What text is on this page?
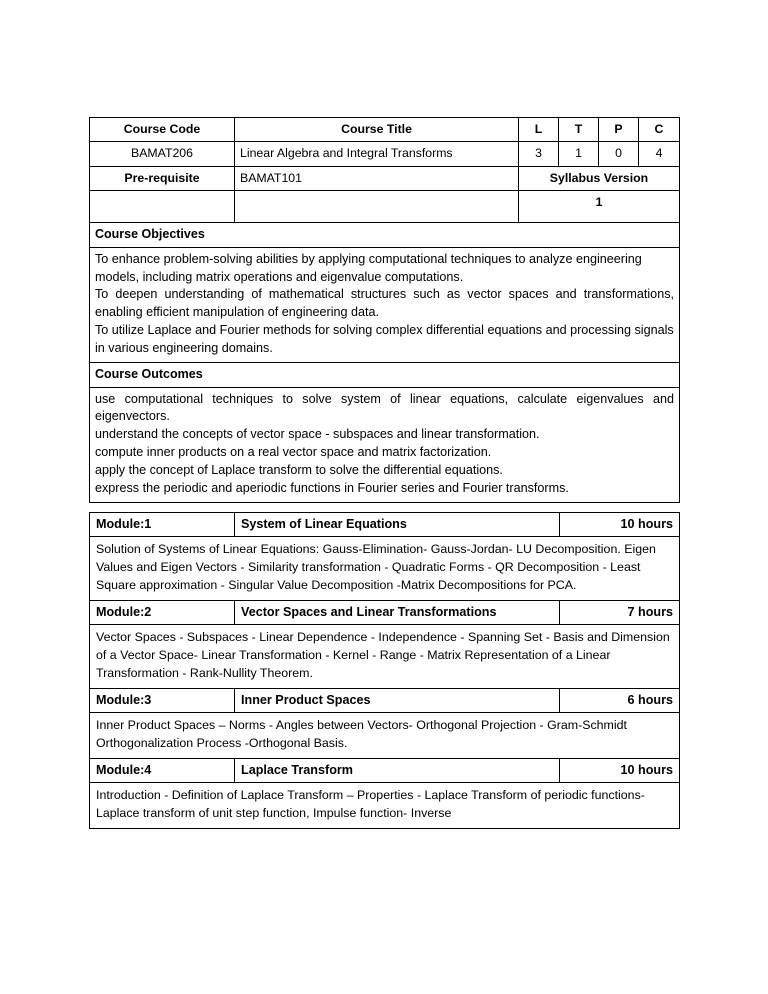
Course Code	Course Title	L	T	P	C
BAMAT206	Linear Algebra and Integral Transforms	3	1	0	4
Pre-requisite	BAMAT101	Syllabus Version			
		1			
Course Objectives					

To enhance problem-solving abilities by applying computational techniques to analyze engineering models, including matrix operations and eigenvalue computations.

To deepen understanding of mathematical structures such as vector spaces and transformations, enabling efficient manipulation of engineering data.

To utilize Laplace and Fourier methods for solving complex differential equations and processing signals in various engineering domains.					

Course Outcomes					

use computational techniques to solve system of linear equations, calculate eigenvalues and eigenvectors.

understand the concepts of vector space - subspaces and linear transformation.

compute inner products on a real vector space and matrix factorization.

apply the concept of Laplace transform to solve the differential equations.

express the periodic and aperiodic functions in Fourier series and Fourier transforms.					

Module:1	System of Linear Equations	10 hours
Solution of Systems of Linear Equations: Gauss-Elimination- Gauss-Jordan- LU Decomposition. Eigen Values and Eigen Vectors - Similarity transformation - Quadratic Forms - QR Decomposition - Least Square approximation - Singular Value Decomposition -Matrix Decompositions for PCA.		
Module:2	Vector Spaces and Linear Transformations	7 hours
Vector Spaces - Subspaces - Linear Dependence - Independence - Spanning Set - Basis and Dimension of a Vector Space- Linear Transformation - Kernel - Range - Matrix Representation of a Linear Transformation - Rank-Nullity Theorem.		
Module:3	Inner Product Spaces	6 hours
Inner Product Spaces – Norms - Angles between Vectors- Orthogonal Projection - Gram-Schmidt Orthogonalization Process -Orthogonal Basis.		
Module:4	Laplace Transform	10 hours
Introduction - Definition of Laplace Transform – Properties - Laplace Transform of periodic functions- Laplace transform of unit step function, Impulse function- Inverse		
